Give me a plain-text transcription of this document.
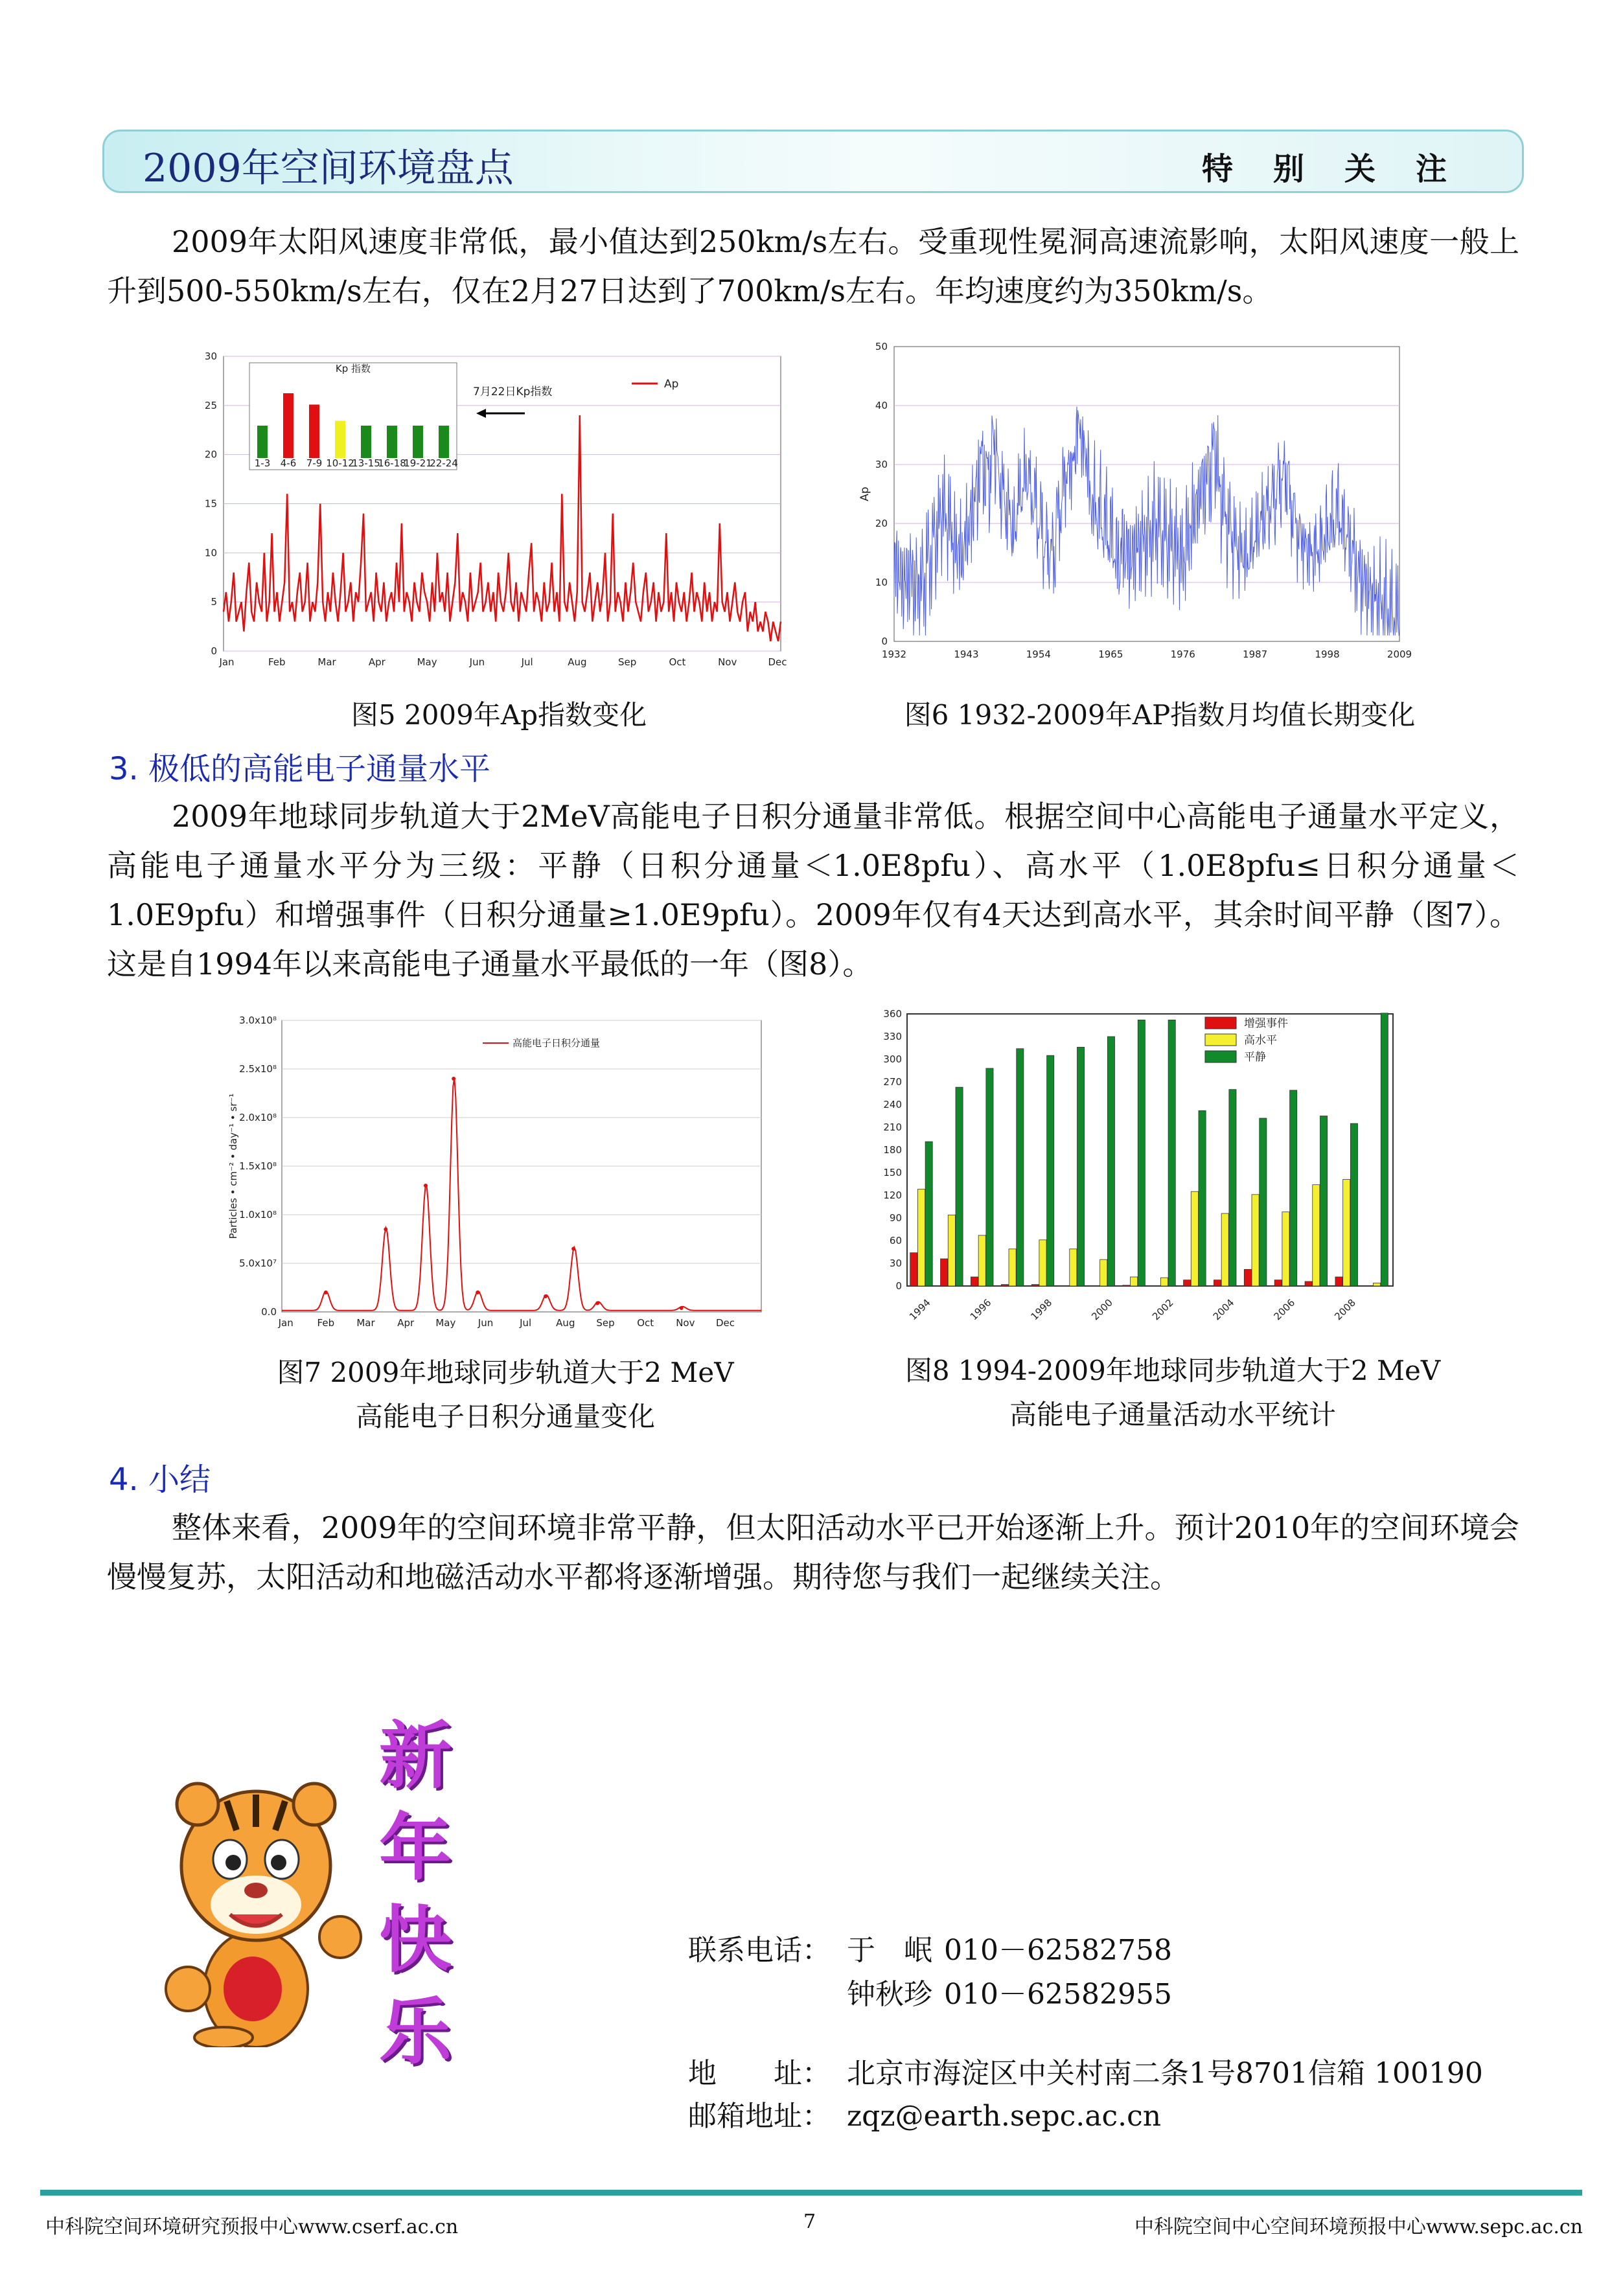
2009年空间环境盘点	特别关注

2009年太阳风速度非常低，最小值达到250km/s左右。受重现性冕洞高速流影响，太阳风速度一般上升到500-550km/s左右，仅在2月27日达到了700km/s左右。年均速度约为350km/s。

0
5
10
15
20
25
30
Jan	Feb	Mar	Apr	May	Jun	Jul	Aug	Sep	Oct	Nov	Dec
Ap
7月22日Kp指数
Kp 指数
1-3 4-6 7-9 10-12
13-15
16-18
19-21
22-24
图5 2009年Ap指数变化
0
10
20
30
40
50
1932	1943	1954	1965	1976	1987	1998	2009
Ap
图6 1932-2009年AP指数月均值长期变化
3. 极低的高能电子通量水平

2009年地球同步轨道大于2MeV高能电子日积分通量非常低。根据空间中心高能电子通量水平定义，高能电子通量水平分为三级：平静（日积分通量＜1.0E8pfu）、高水平（1.0E8pfu≤日积分通量＜1.0E9pfu）和增强事件（日积分通量≥1.0E9pfu）。2009年仅有4天达到高水平，其余时间平静（图7）。这是自1994年以来高能电子通量水平最低的一年（图8）。

0.0
5.0x10⁷
1.0x10⁸
1.5x10⁸
2.0x10⁸
2.5x10⁸
3.0x10⁸
Jan Feb Mar Apr May Jun	Jul	Aug Sep Oct Nov Dec
Particles • cm⁻² • day⁻¹ • sr⁻¹
高能电子日积分通量
图7 2009年地球同步轨道大于2 MeV
高能电子日积分通量变化
0
30
60
90
120
150
180
210
240
270
300
330
360
1994	1996	1998	2000	2002	2004	2006	2008
增强事件
高水平
平静
图8 1994-2009年地球同步轨道大于2 MeV
高能电子通量活动水平统计
4. 小结

整体来看，2009年的空间环境非常平静，但太阳活动水平已开始逐渐上升。预计2010年的空间环境会慢慢复苏，太阳活动和地磁活动水平都将逐渐增强。期待您与我们一起继续关注。

新
年
快
乐
联系电话： 于　岷 010－62582758
钟秋珍 010－62582955
地　　址： 北京市海淀区中关村南二条1号8701信箱 100190
邮箱地址： zqz@earth.sepc.ac.cn
中科院空间环境研究预报中心www.cserf.ac.cn	7	中科院空间中心空间环境预报中心www.sepc.ac.cn
